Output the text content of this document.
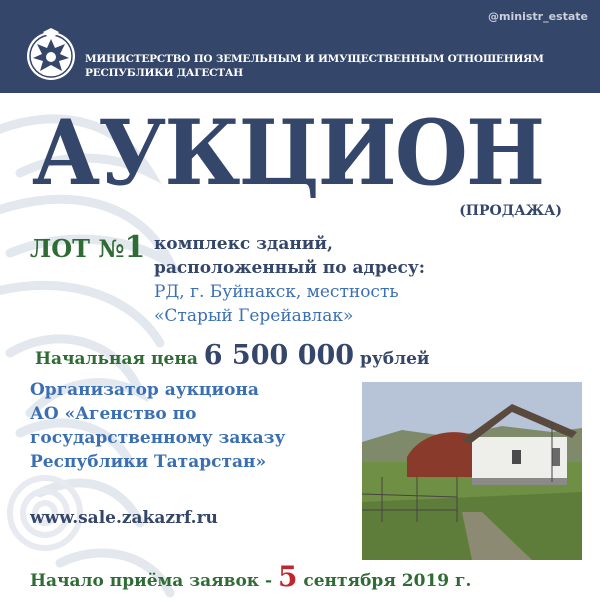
@ministr_estate
МИНИСТЕРСТВО ПО ЗЕМЕЛЬНЫМ И ИМУЩЕСТВЕННЫМ ОТНОШЕНИЯМ
РЕСПУБЛИКИ ДАГЕСТАН
АУКЦИОН
(ПРОДАЖА)
ЛОТ №1 комплекс зданий,
расположенный по адресу:
РД, г. Буйнакск, местность
«Старый Герейавлак»
Начальная цена 6 500 000 рублей
Организатор аукциона
АО «Агенство по
государственному заказу
Республики Татарстан»
www.sale.zakazrf.ru
Начало приёма заявок - 5 сентября 2019 г.
